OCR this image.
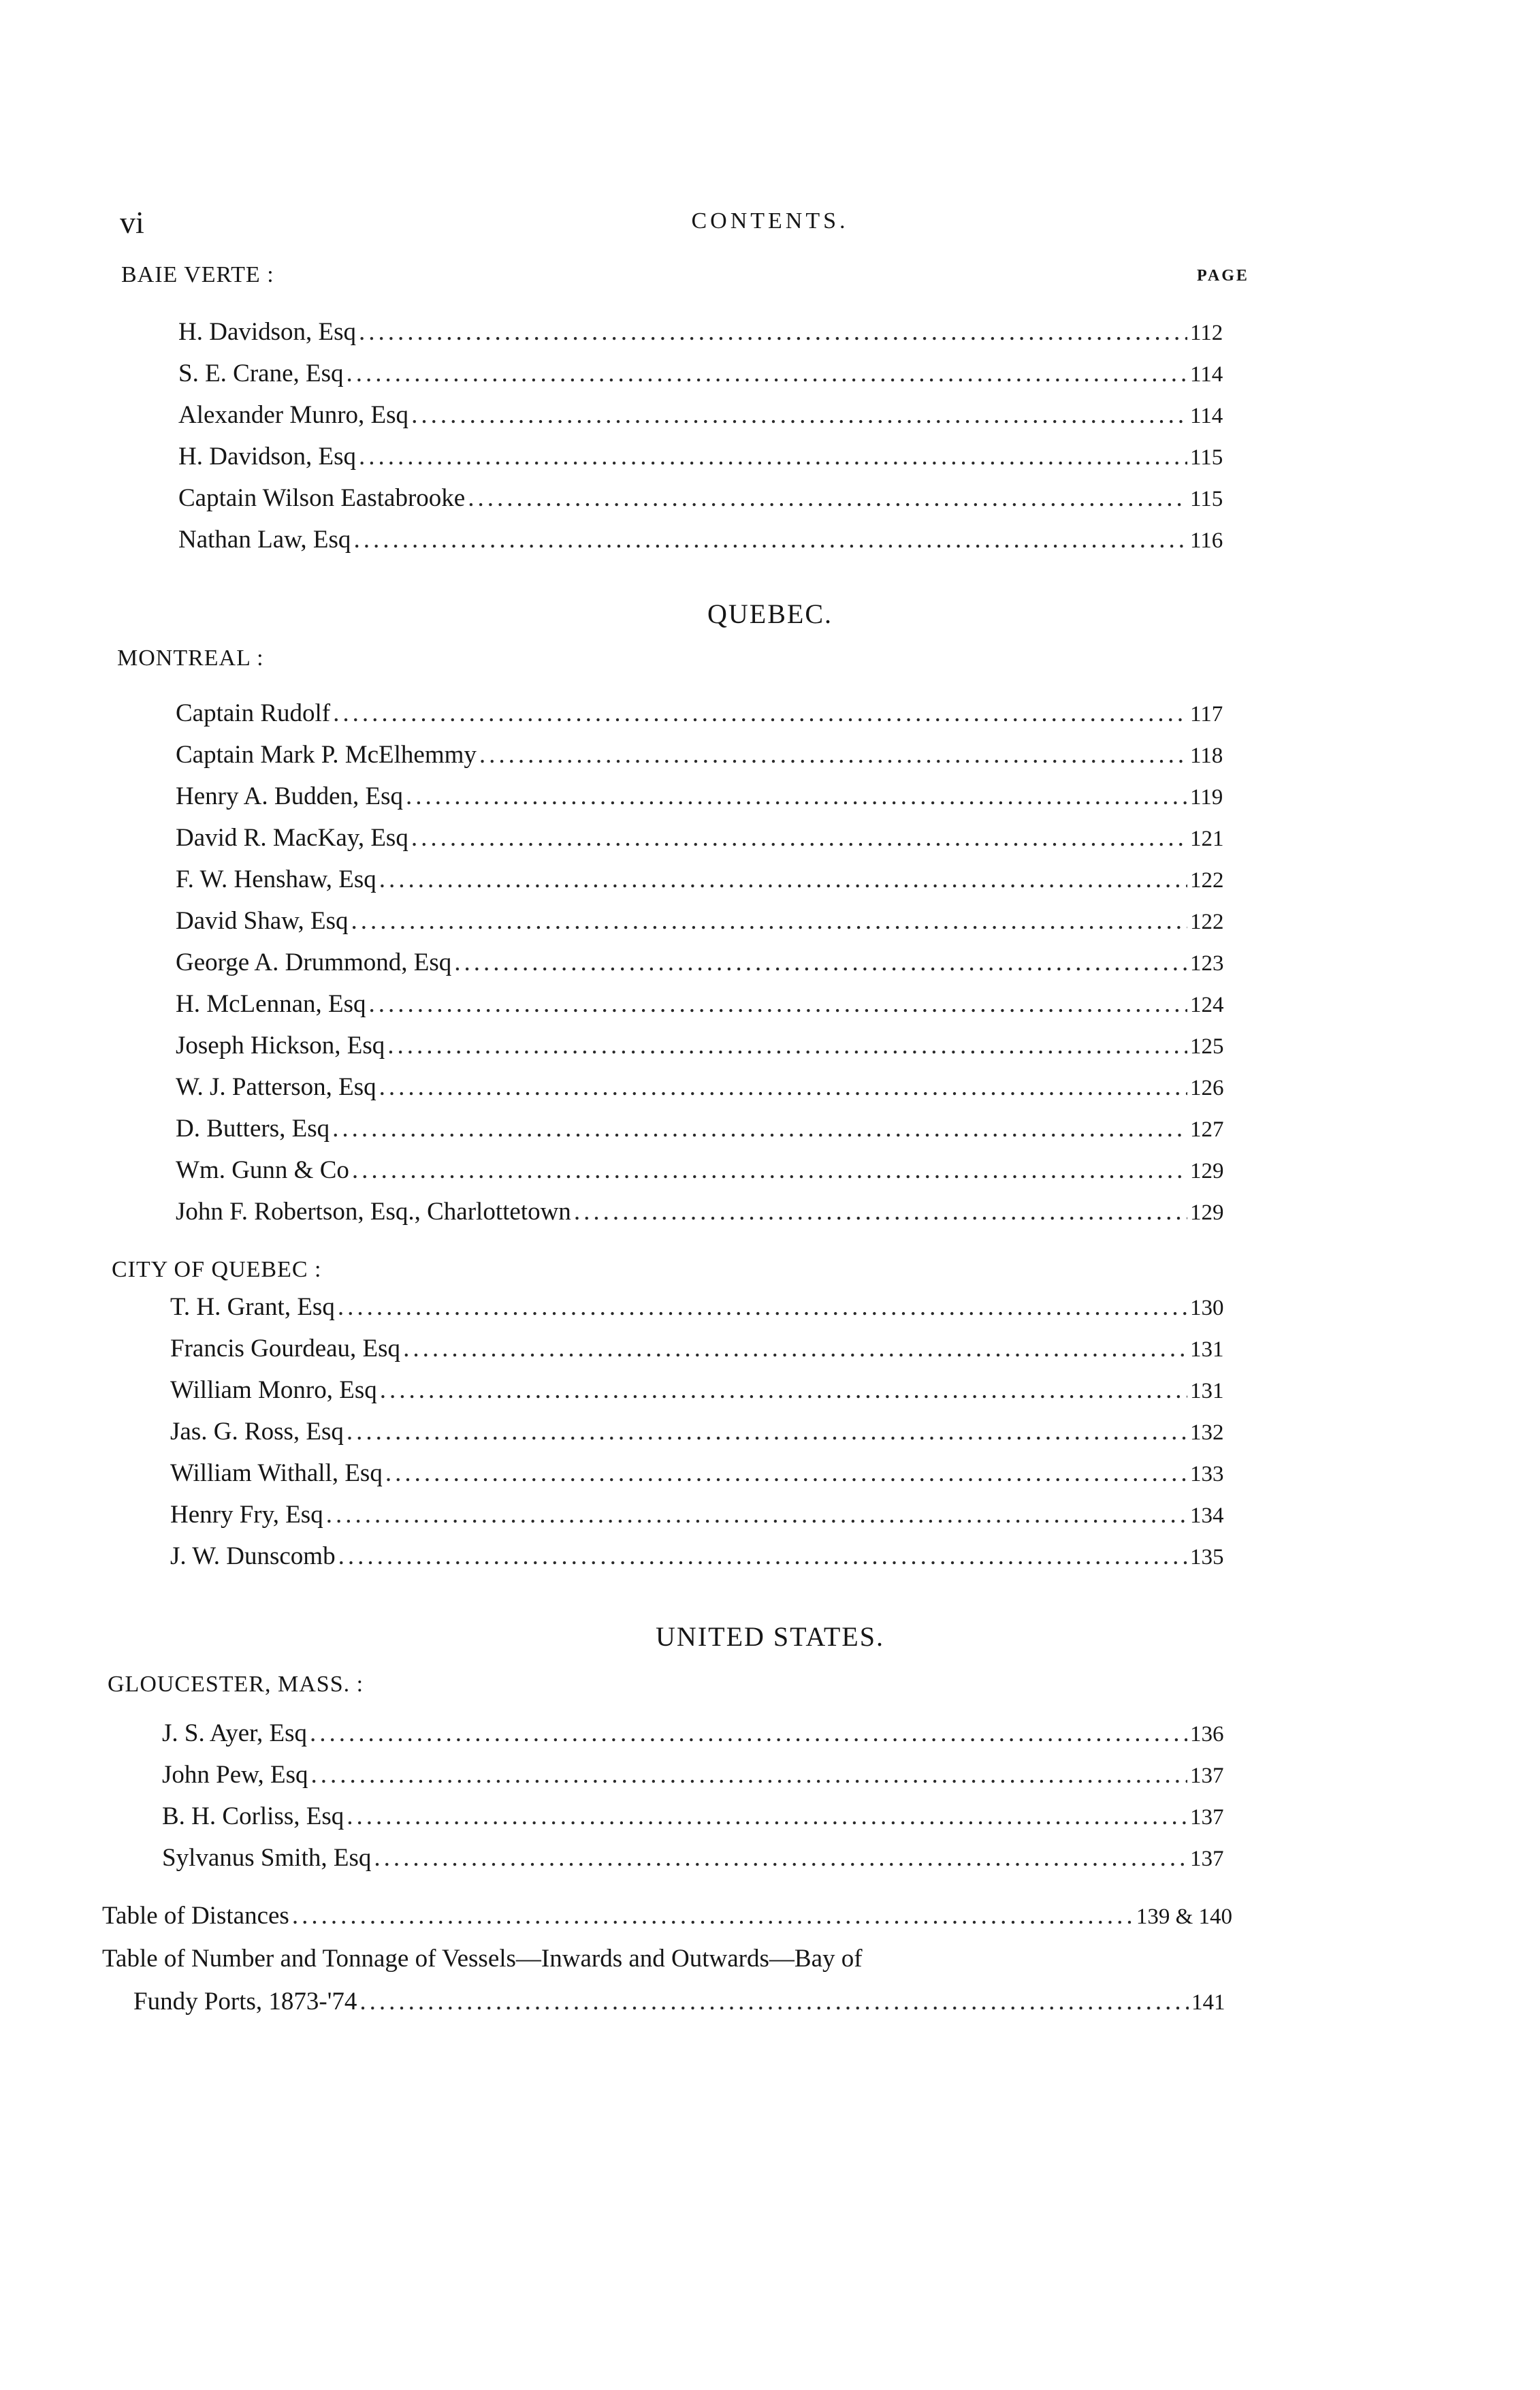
vi	CONTENTS.
BAIE VERTE :	PAGE
H. Davidson, Esq .....	112
S. E. Crane, Esq .....	114
Alexander Munro, Esq .....	114
H. Davidson, Esq .....	115
Captain Wilson Eastabrooke .....	115
Nathan Law, Esq .....	116
QUEBEC.
MONTREAL :
Captain Rudolf .....	117
Captain Mark P. McElhemmy .....	118
Henry A. Budden, Esq .....	119
David R. MacKay, Esq .....	121
F. W. Henshaw, Esq .....	122
David Shaw, Esq .....	122
George A. Drummond, Esq .....	123
H. McLennan, Esq .....	124
Joseph Hickson, Esq .....	125
W. J. Patterson, Esq .....	126
D. Butters, Esq .....	127
Wm. Gunn & Co .....	129
John F. Robertson, Esq., Charlottetown .....	129
CITY OF QUEBEC :
T. H. Grant, Esq .....	130
Francis Gourdeau, Esq .....	131
William Monro, Esq .....	131
Jas. G. Ross, Esq .....	132
William Withall, Esq .....	133
Henry Fry, Esq .....	134
J. W. Dunscomb .....	135
UNITED STATES.
GLOUCESTER, MASS. :
J. S. Ayer, Esq .....	136
John Pew, Esq .....	137
B. H. Corliss, Esq .....	137
Sylvanus Smith, Esq .....	137
Table of Distances .....	139 & 140
Table of Number and Tonnage of Vessels—Inwards and Outwards—Bay of
Fundy Ports, 1873-'74 .....	141
